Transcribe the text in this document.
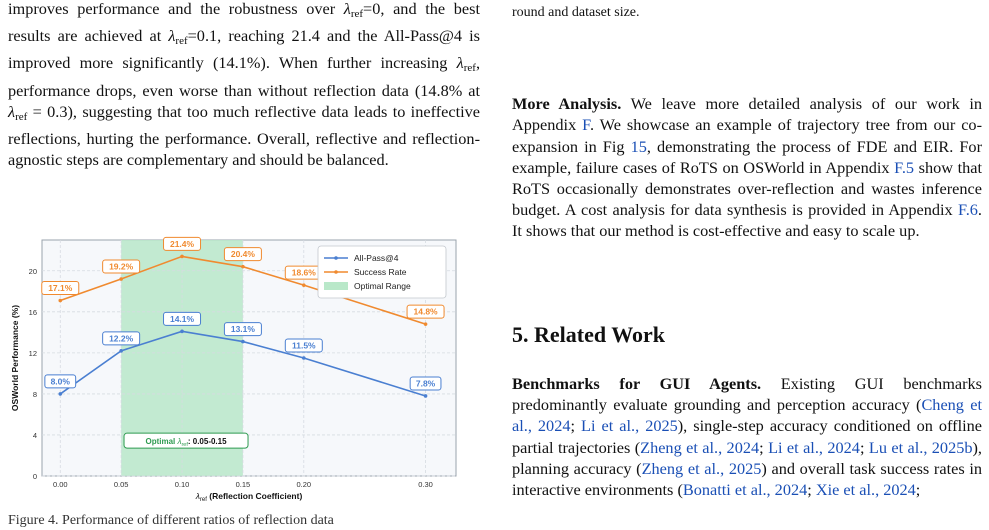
improves performance and the robustness over $\lambda_{ref}=0$, and the best results are achieved at $\lambda_{ref}=0.1$, reaching 21.4 and the All-Pass@4 is improved more significantly (14.1%). When further increasing $\lambda_{ref}$, performance drops, even worse than without reflection data (14.8% at $\lambda_{ref} = 0.3$), suggesting that too much reflective data leads to ineffective reflections, hurting the performance. Overall, reflective and reflection-agnostic steps are complementary and should be balanced.

0
4
8
12
16
20
0.00	0.05	0.10	0.15	0.20	0.30
OSWorld Performance (%)
$\lambda_{ref}$ (Reflection Coefficient)
8.0%
12.2%
14.1%
13.1%
11.5%
7.8%
17.1%
19.2%
21.4%
20.4%
18.6%
14.8%
Optimal $\lambda_{ref}$: 0.05-0.15
All-Pass@4
Success Rate
Optimal Range
Figure 4. Performance of different ratios of reflection data

round and dataset size.

More Analysis. We leave more detailed analysis of our work in Appendix F. We showcase an example of trajectory tree from our co-expansion in Fig 15, demonstrating the process of FDE and EIR. For example, failure cases of RoTS on OSWorld in Appendix F.5 show that RoTS occasionally demonstrates over-reflection and wastes inference budget. A cost analysis for data synthesis is provided in Appendix F.6. It shows that our method is cost-effective and easy to scale up.

5. Related Work

Benchmarks for GUI Agents. Existing GUI benchmarks predominantly evaluate grounding and perception accuracy (Cheng et al., 2024; Li et al., 2025), single-step accuracy conditioned on offline partial trajectories (Zheng et al., 2024; Li et al., 2024; Lu et al., 2025b), planning accuracy (Zheng et al., 2025) and overall task success rates in interactive environments (Bonatti et al., 2024; Xie et al., 2024;
